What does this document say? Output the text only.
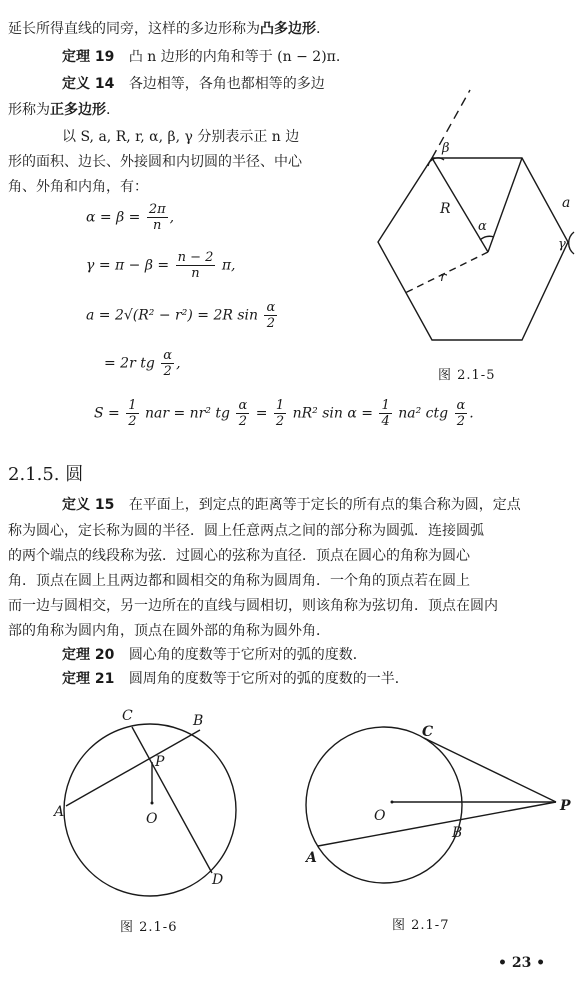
延长所得直线的同旁，这样的多边形称为凸多边形.
定理 19 凸 n 边形的内角和等于 (n − 2)π.
定义 14 各边相等，各角也都相等的多边
形称为正多边形.
以 S, a, R, r, α, β, γ 分别表示正 n 边
形的面积、边长、外接圆和内切圆的半径、中心
角、外角和内角，有：
$\alpha = \beta = \frac{2\pi}{n}$ ,
$\gamma = \pi - \beta = \frac{n - 2}{n} \pi$,
a = 2√(R² − r²) = 2R $\sin \frac{\alpha}{2}$
= 2r tg $\frac{\alpha}{2}$ ,
$S = \frac{1}{2}$ nar = nr² tg $\frac{\alpha}{2} = \frac{1}{2} nR^2$ $\sin \alpha = \frac{1}{4} na^2$ ctg $\frac{\alpha}{2}$ .
β
R
α
a
γ
r
C	B
P
A	O
D
C
O
P
B
A
图 2.1-5
2.1.5. 圆
定义 15 在平面上，到定点的距离等于定长的所有点的集合称为圆，定点
称为圆心，定长称为圆的半径．圆上任意两点之间的部分称为圆弧．连接圆弧
的两个端点的线段称为弦．过圆心的弦称为直径．顶点在圆心的角称为圆心
角．顶点在圆上且两边都和圆相交的角称为圆周角．一个角的顶点若在圆上
而一边与圆相交，另一边所在的直线与圆相切，则该角称为弦切角．顶点在圆内
部的角称为圆内角，顶点在圆外部的角称为圆外角．
定理 20 圆心角的度数等于它所对的弧的度数．
定理 21 圆周角的度数等于它所对的弧的度数的一半．
图 2.1-6	图 2.1-7
• 23 •
